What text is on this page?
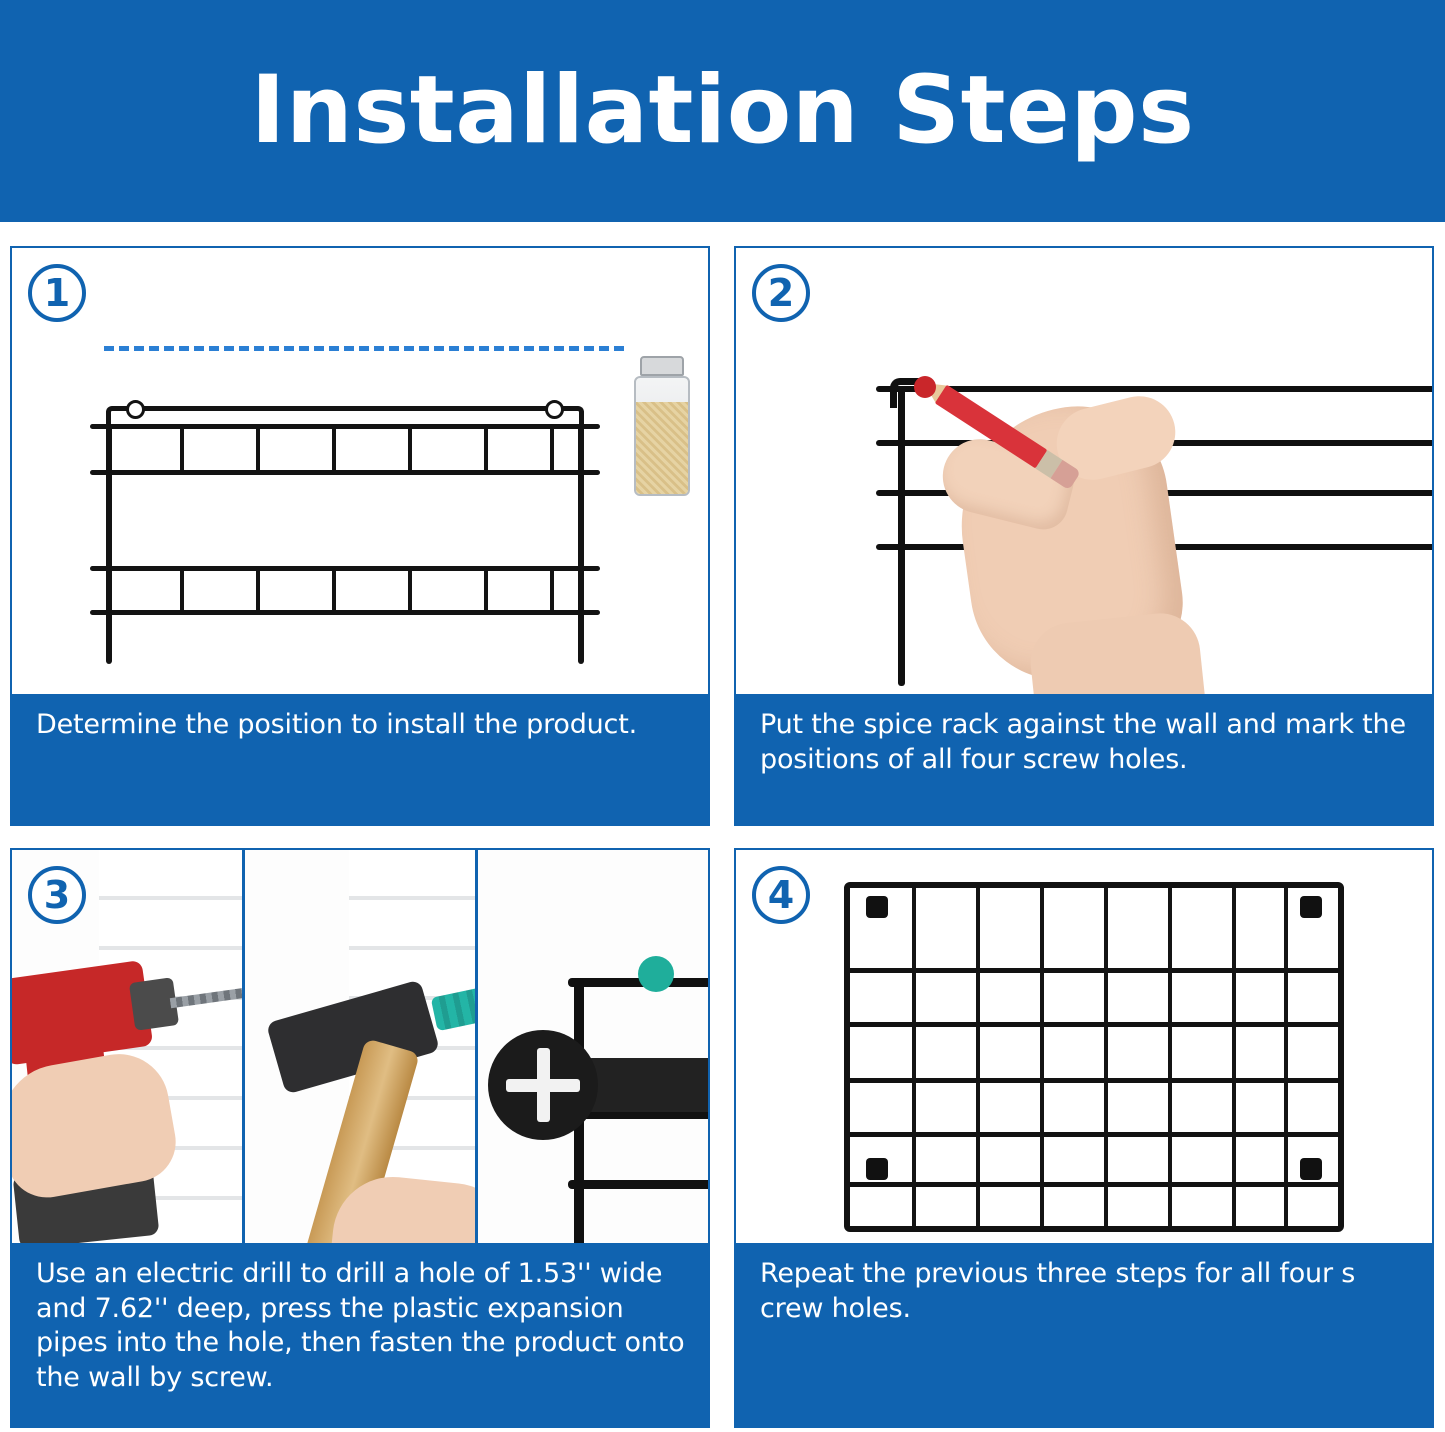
Installation Steps
1
Determine the position to install the product.
2
Put the spice rack against the wall and mark the positions of all four screw holes.
3
Use an electric drill to drill a hole of 1.53'' wide and 7.62'' deep, press the plastic expansion pipes into the hole, then fasten the product onto the wall by screw.
4
Repeat the previous three steps for all four s crew holes.
